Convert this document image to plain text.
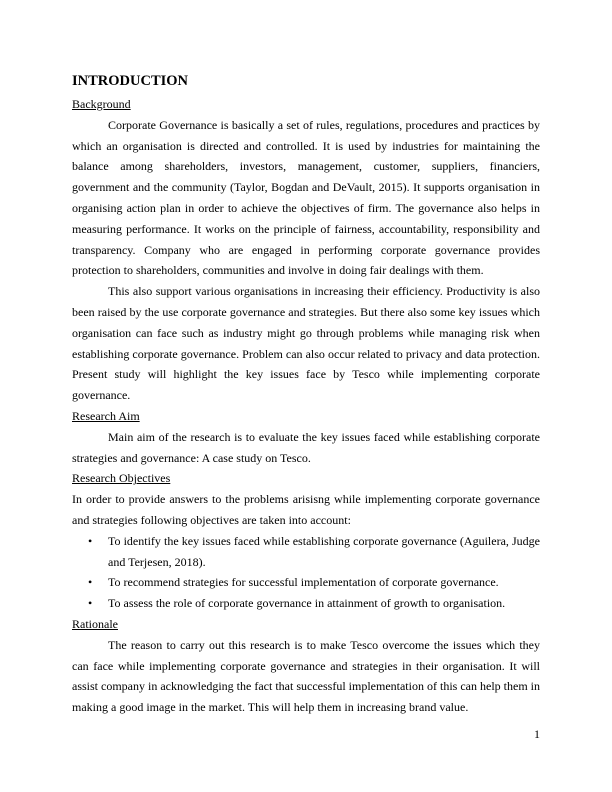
INTRODUCTION
Background

Corporate Governance is basically a set of rules, regulations, procedures and practices by which an organisation is directed and controlled. It is used by industries for maintaining the balance among shareholders, investors, management, customer, suppliers, financiers, government and the community (Taylor, Bogdan and DeVault, 2015). It supports organisation in organising action plan in order to achieve the objectives of firm. The governance also helps in measuring performance. It works on the principle of fairness, accountability, responsibility and transparency. Company who are engaged in performing corporate governance provides protection to shareholders, communities and involve in doing fair dealings with them.

This also support various organisations in increasing their efficiency. Productivity is also been raised by the use corporate governance and strategies. But there also some key issues which organisation can face such as industry might go through problems while managing risk when establishing corporate governance. Problem can also occur related to privacy and data protection. Present study will highlight the key issues face by Tesco while implementing corporate governance.

Research Aim

Main aim of the research is to evaluate the key issues faced while establishing corporate strategies and governance: A case study on Tesco.

Research Objectives

In order to provide answers to the problems arisisng while implementing corporate governance and strategies following objectives are taken into account:

• To identify the key issues faced while establishing corporate governance (Aguilera, Judge and Terjesen, 2018).
• To recommend strategies for successful implementation of corporate governance.
• To assess the role of corporate governance in attainment of growth to organisation.
Rationale

The reason to carry out this research is to make Tesco overcome the issues which they can face while implementing corporate governance and strategies in their organisation. It will assist company in acknowledging the fact that successful implementation of this can help them in making a good image in the market. This will help them in increasing brand value.

1
